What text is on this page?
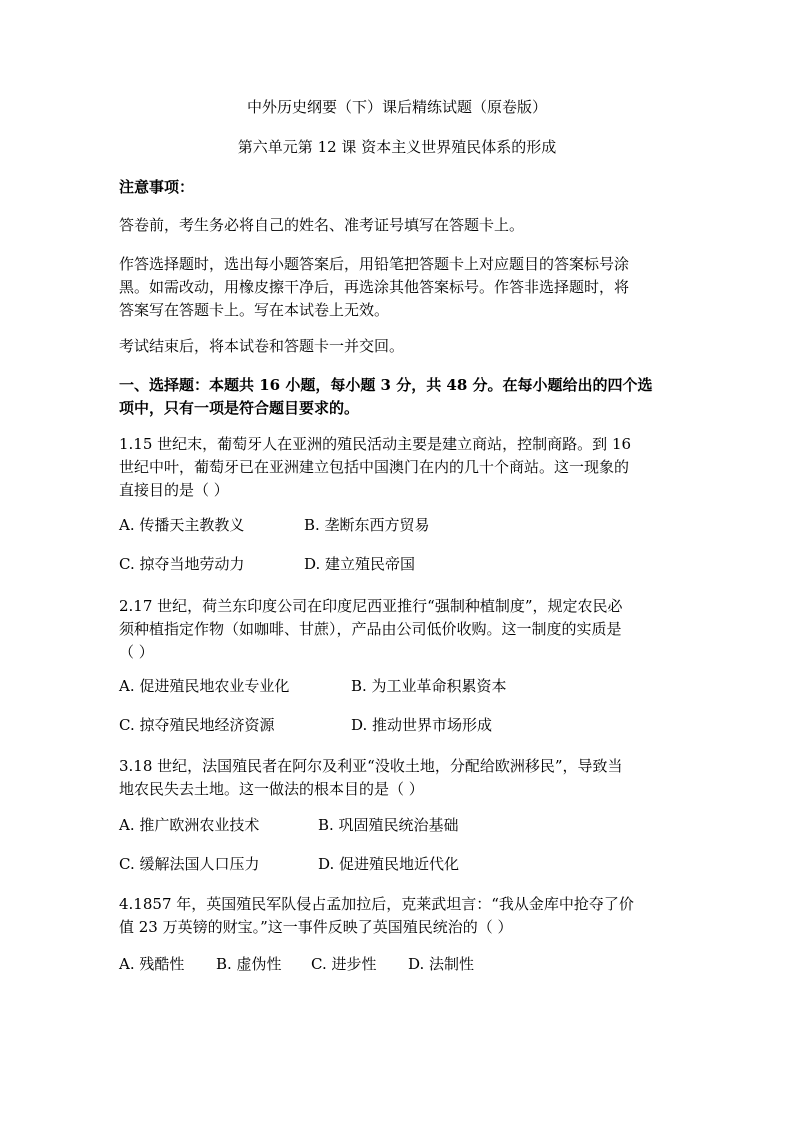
中外历史纲要（下）课后精练试题（原卷版）
第六单元第 12 课 资本主义世界殖民体系的形成
注意事项：
答卷前，考生务必将自己的姓名、准考证号填写在答题卡上。
作答选择题时，选出每小题答案后，用铅笔把答题卡上对应题目的答案标号涂
黑。如需改动，用橡皮擦干净后，再选涂其他答案标号。作答非选择题时，将
答案写在答题卡上。写在本试卷上无效。
考试结束后，将本试卷和答题卡一并交回。
一、选择题：本题共 16 小题，每小题 3 分，共 48 分。在每小题给出的四个选
项中，只有一项是符合题目要求的。
1.15 世纪末，葡萄牙人在亚洲的殖民活动主要是建立商站，控制商路。到 16
世纪中叶，葡萄牙已在亚洲建立包括中国澳门在内的几十个商站。这一现象的
直接目的是（ ）
A. 传播天主教教义	B. 垄断东西方贸易
C. 掠夺当地劳动力	D. 建立殖民帝国
2.17 世纪，荷兰东印度公司在印度尼西亚推行“强制种植制度”，规定农民必
须种植指定作物（如咖啡、甘蔗），产品由公司低价收购。这一制度的实质是
（ ）
A. 促进殖民地农业专业化	B. 为工业革命积累资本
C. 掠夺殖民地经济资源	D. 推动世界市场形成
3.18 世纪，法国殖民者在阿尔及利亚“没收土地，分配给欧洲移民”，导致当
地农民失去土地。这一做法的根本目的是（ ）
A. 推广欧洲农业技术	B. 巩固殖民统治基础
C. 缓解法国人口压力	D. 促进殖民地近代化
4.1857 年，英国殖民军队侵占孟加拉后，克莱武坦言：“我从金库中抢夺了价
值 23 万英镑的财宝。”这一事件反映了英国殖民统治的（ ）
A. 残酷性 B. 虚伪性 C. 进步性 D. 法制性
